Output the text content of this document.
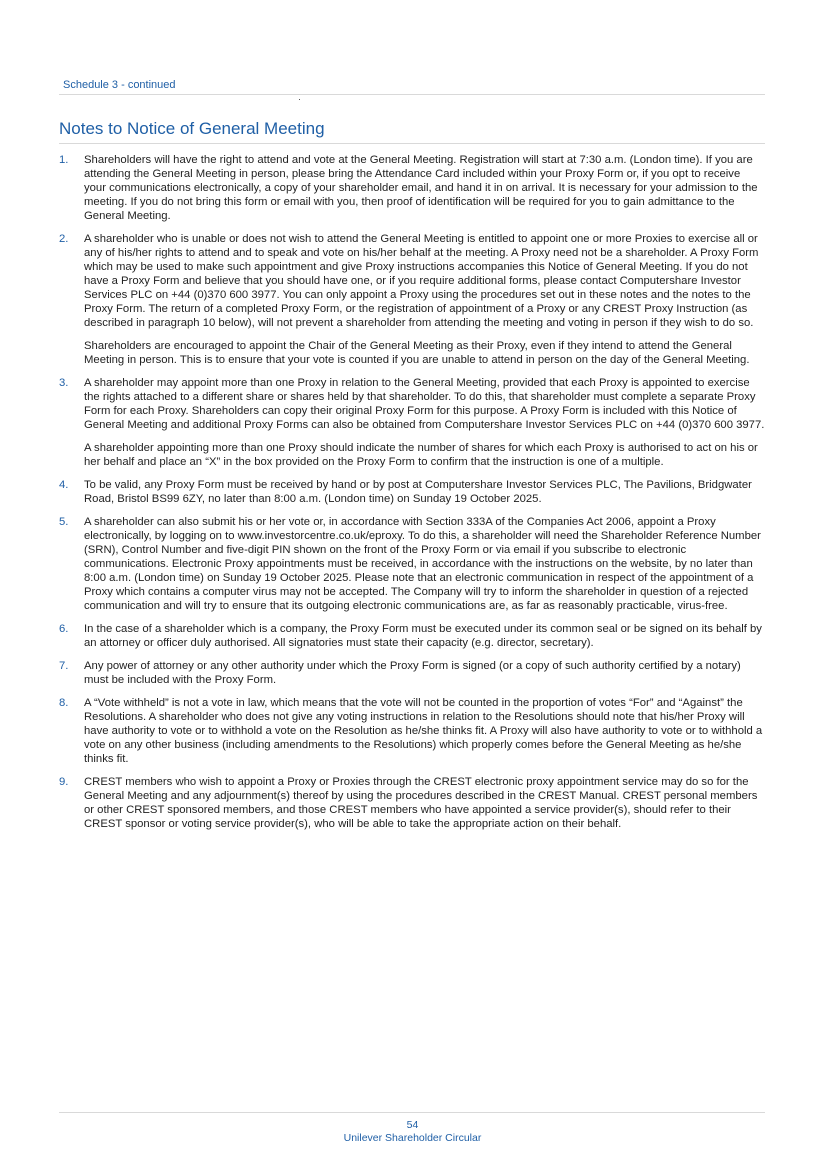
Schedule 3 - continued
Notes to Notice of General Meeting
1. Shareholders will have the right to attend and vote at the General Meeting. Registration will start at 7:30 a.m. (London time). If you are attending the General Meeting in person, please bring the Attendance Card included within your Proxy Form or, if you opt to receive your communications electronically, a copy of your shareholder email, and hand it in on arrival. It is necessary for your admission to the meeting. If you do not bring this form or email with you, then proof of identification will be required for you to gain admittance to the General Meeting.

2. A shareholder who is unable or does not wish to attend the General Meeting is entitled to appoint one or more Proxies to exercise all or any of his/her rights to attend and to speak and vote on his/her behalf at the meeting. A Proxy need not be a shareholder. A Proxy Form which may be used to make such appointment and give Proxy instructions accompanies this Notice of General Meeting. If you do not have a Proxy Form and believe that you should have one, or if you require additional forms, please contact Computershare Investor Services PLC on +44 (0)370 600 3977. You can only appoint a Proxy using the procedures set out in these notes and the notes to the Proxy Form. The return of a completed Proxy Form, or the registration of appointment of a Proxy or any CREST Proxy Instruction (as described in paragraph 10 below), will not prevent a shareholder from attending the meeting and voting in person if they wish to do so.

Shareholders are encouraged to appoint the Chair of the General Meeting as their Proxy, even if they intend to attend the General Meeting in person. This is to ensure that your vote is counted if you are unable to attend in person on the day of the General Meeting.

3. A shareholder may appoint more than one Proxy in relation to the General Meeting, provided that each Proxy is appointed to exercise the rights attached to a different share or shares held by that shareholder. To do this, that shareholder must complete a separate Proxy Form for each Proxy. Shareholders can copy their original Proxy Form for this purpose. A Proxy Form is included with this Notice of General Meeting and additional Proxy Forms can also be obtained from Computershare Investor Services PLC on +44 (0)370 600 3977.

A shareholder appointing more than one Proxy should indicate the number of shares for which each Proxy is authorised to act on his or her behalf and place an “X” in the box provided on the Proxy Form to confirm that the instruction is one of a multiple.

4. To be valid, any Proxy Form must be received by hand or by post at Computershare Investor Services PLC, The Pavilions, Bridgwater Road, Bristol BS99 6ZY, no later than 8:00 a.m. (London time) on Sunday 19 October 2025.

5. A shareholder can also submit his or her vote or, in accordance with Section 333A of the Companies Act 2006, appoint a Proxy electronically, by logging on to www.investorcentre.co.uk/eproxy. To do this, a shareholder will need the Shareholder Reference Number (SRN), Control Number and five-digit PIN shown on the front of the Proxy Form or via email if you subscribe to electronic communications. Electronic Proxy appointments must be received, in accordance with the instructions on the website, by no later than 8:00 a.m. (London time) on Sunday 19 October 2025. Please note that an electronic communication in respect of the appointment of a Proxy which contains a computer virus may not be accepted. The Company will try to inform the shareholder in question of a rejected communication and will try to ensure that its outgoing electronic communications are, as far as reasonably practicable, virus-free.

6. In the case of a shareholder which is a company, the Proxy Form must be executed under its common seal or be signed on its behalf by an attorney or officer duly authorised. All signatories must state their capacity (e.g. director, secretary).

7. Any power of attorney or any other authority under which the Proxy Form is signed (or a copy of such authority certified by a notary) must be included with the Proxy Form.

8. A “Vote withheld” is not a vote in law, which means that the vote will not be counted in the proportion of votes “For” and “Against” the Resolutions. A shareholder who does not give any voting instructions in relation to the Resolutions should note that his/her Proxy will have authority to vote or to withhold a vote on the Resolution as he/she thinks fit. A Proxy will also have authority to vote or to withhold a vote on any other business (including amendments to the Resolutions) which properly comes before the General Meeting as he/she thinks fit.

9. CREST members who wish to appoint a Proxy or Proxies through the CREST electronic proxy appointment service may do so for the General Meeting and any adjournment(s) thereof by using the procedures described in the CREST Manual. CREST personal members or other CREST sponsored members, and those CREST members who have appointed a service provider(s), should refer to their CREST sponsor or voting service provider(s), who will be able to take the appropriate action on their behalf.

54
Unilever Shareholder Circular
